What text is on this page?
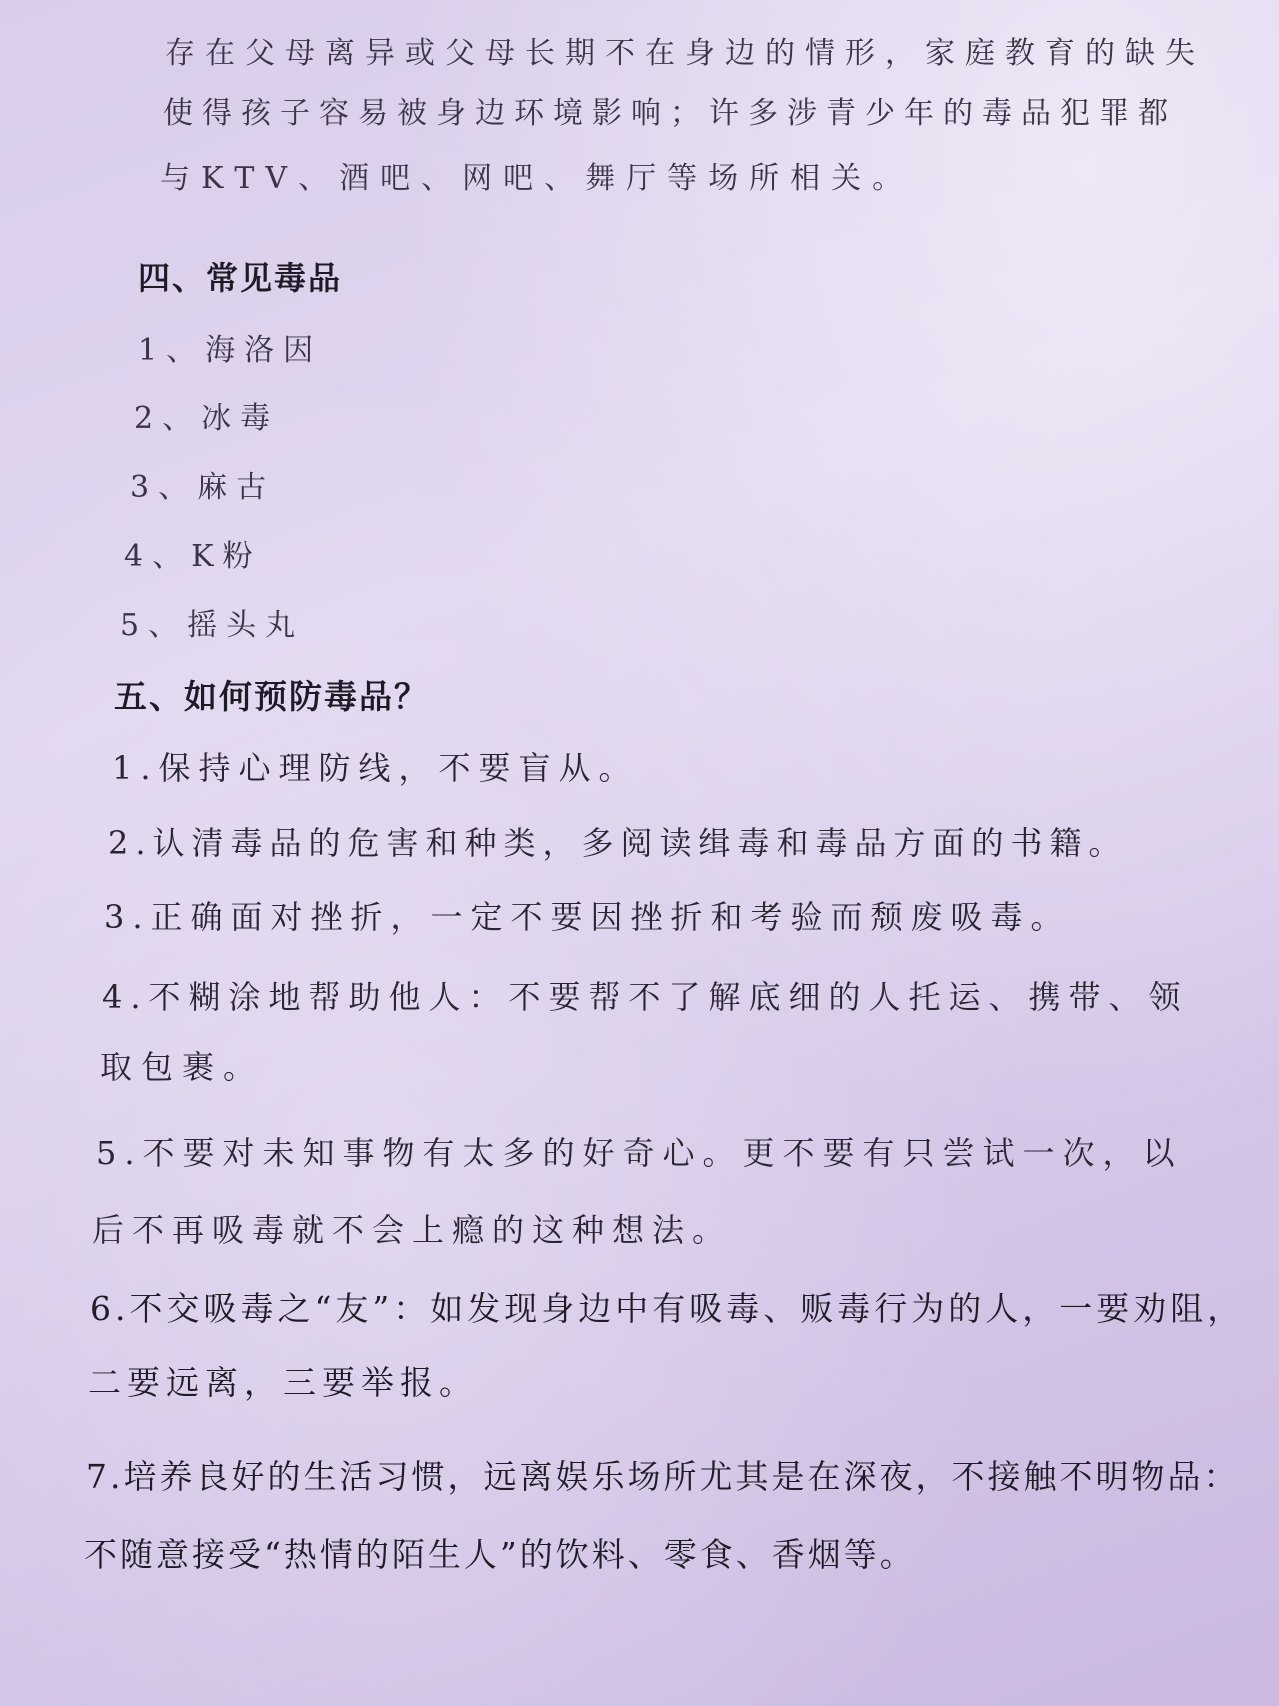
存在父母离异或父母长期不在身边的情形，家庭教育的缺失
使得孩子容易被身边环境影响；许多涉青少年的毒品犯罪都
与KTV、酒吧、网吧、舞厅等场所相关。
四、常见毒品
1、海洛因
2、冰毒
3、麻古
4、K粉
5、摇头丸
五、如何预防毒品？
1.保持心理防线，不要盲从。
2.认清毒品的危害和种类，多阅读缉毒和毒品方面的书籍。
3.正确面对挫折，一定不要因挫折和考验而颓废吸毒。
4.不糊涂地帮助他人：不要帮不了解底细的人托运、携带、领
取包裹。
5.不要对未知事物有太多的好奇心。更不要有只尝试一次，以
后不再吸毒就不会上瘾的这种想法。
6.不交吸毒之“友”：如发现身边中有吸毒、贩毒行为的人，一要劝阻，
二要远离，三要举报。
7.培养良好的生活习惯，远离娱乐场所尤其是在深夜，不接触不明物品：
不随意接受“热情的陌生人”的饮料、零食、香烟等。
